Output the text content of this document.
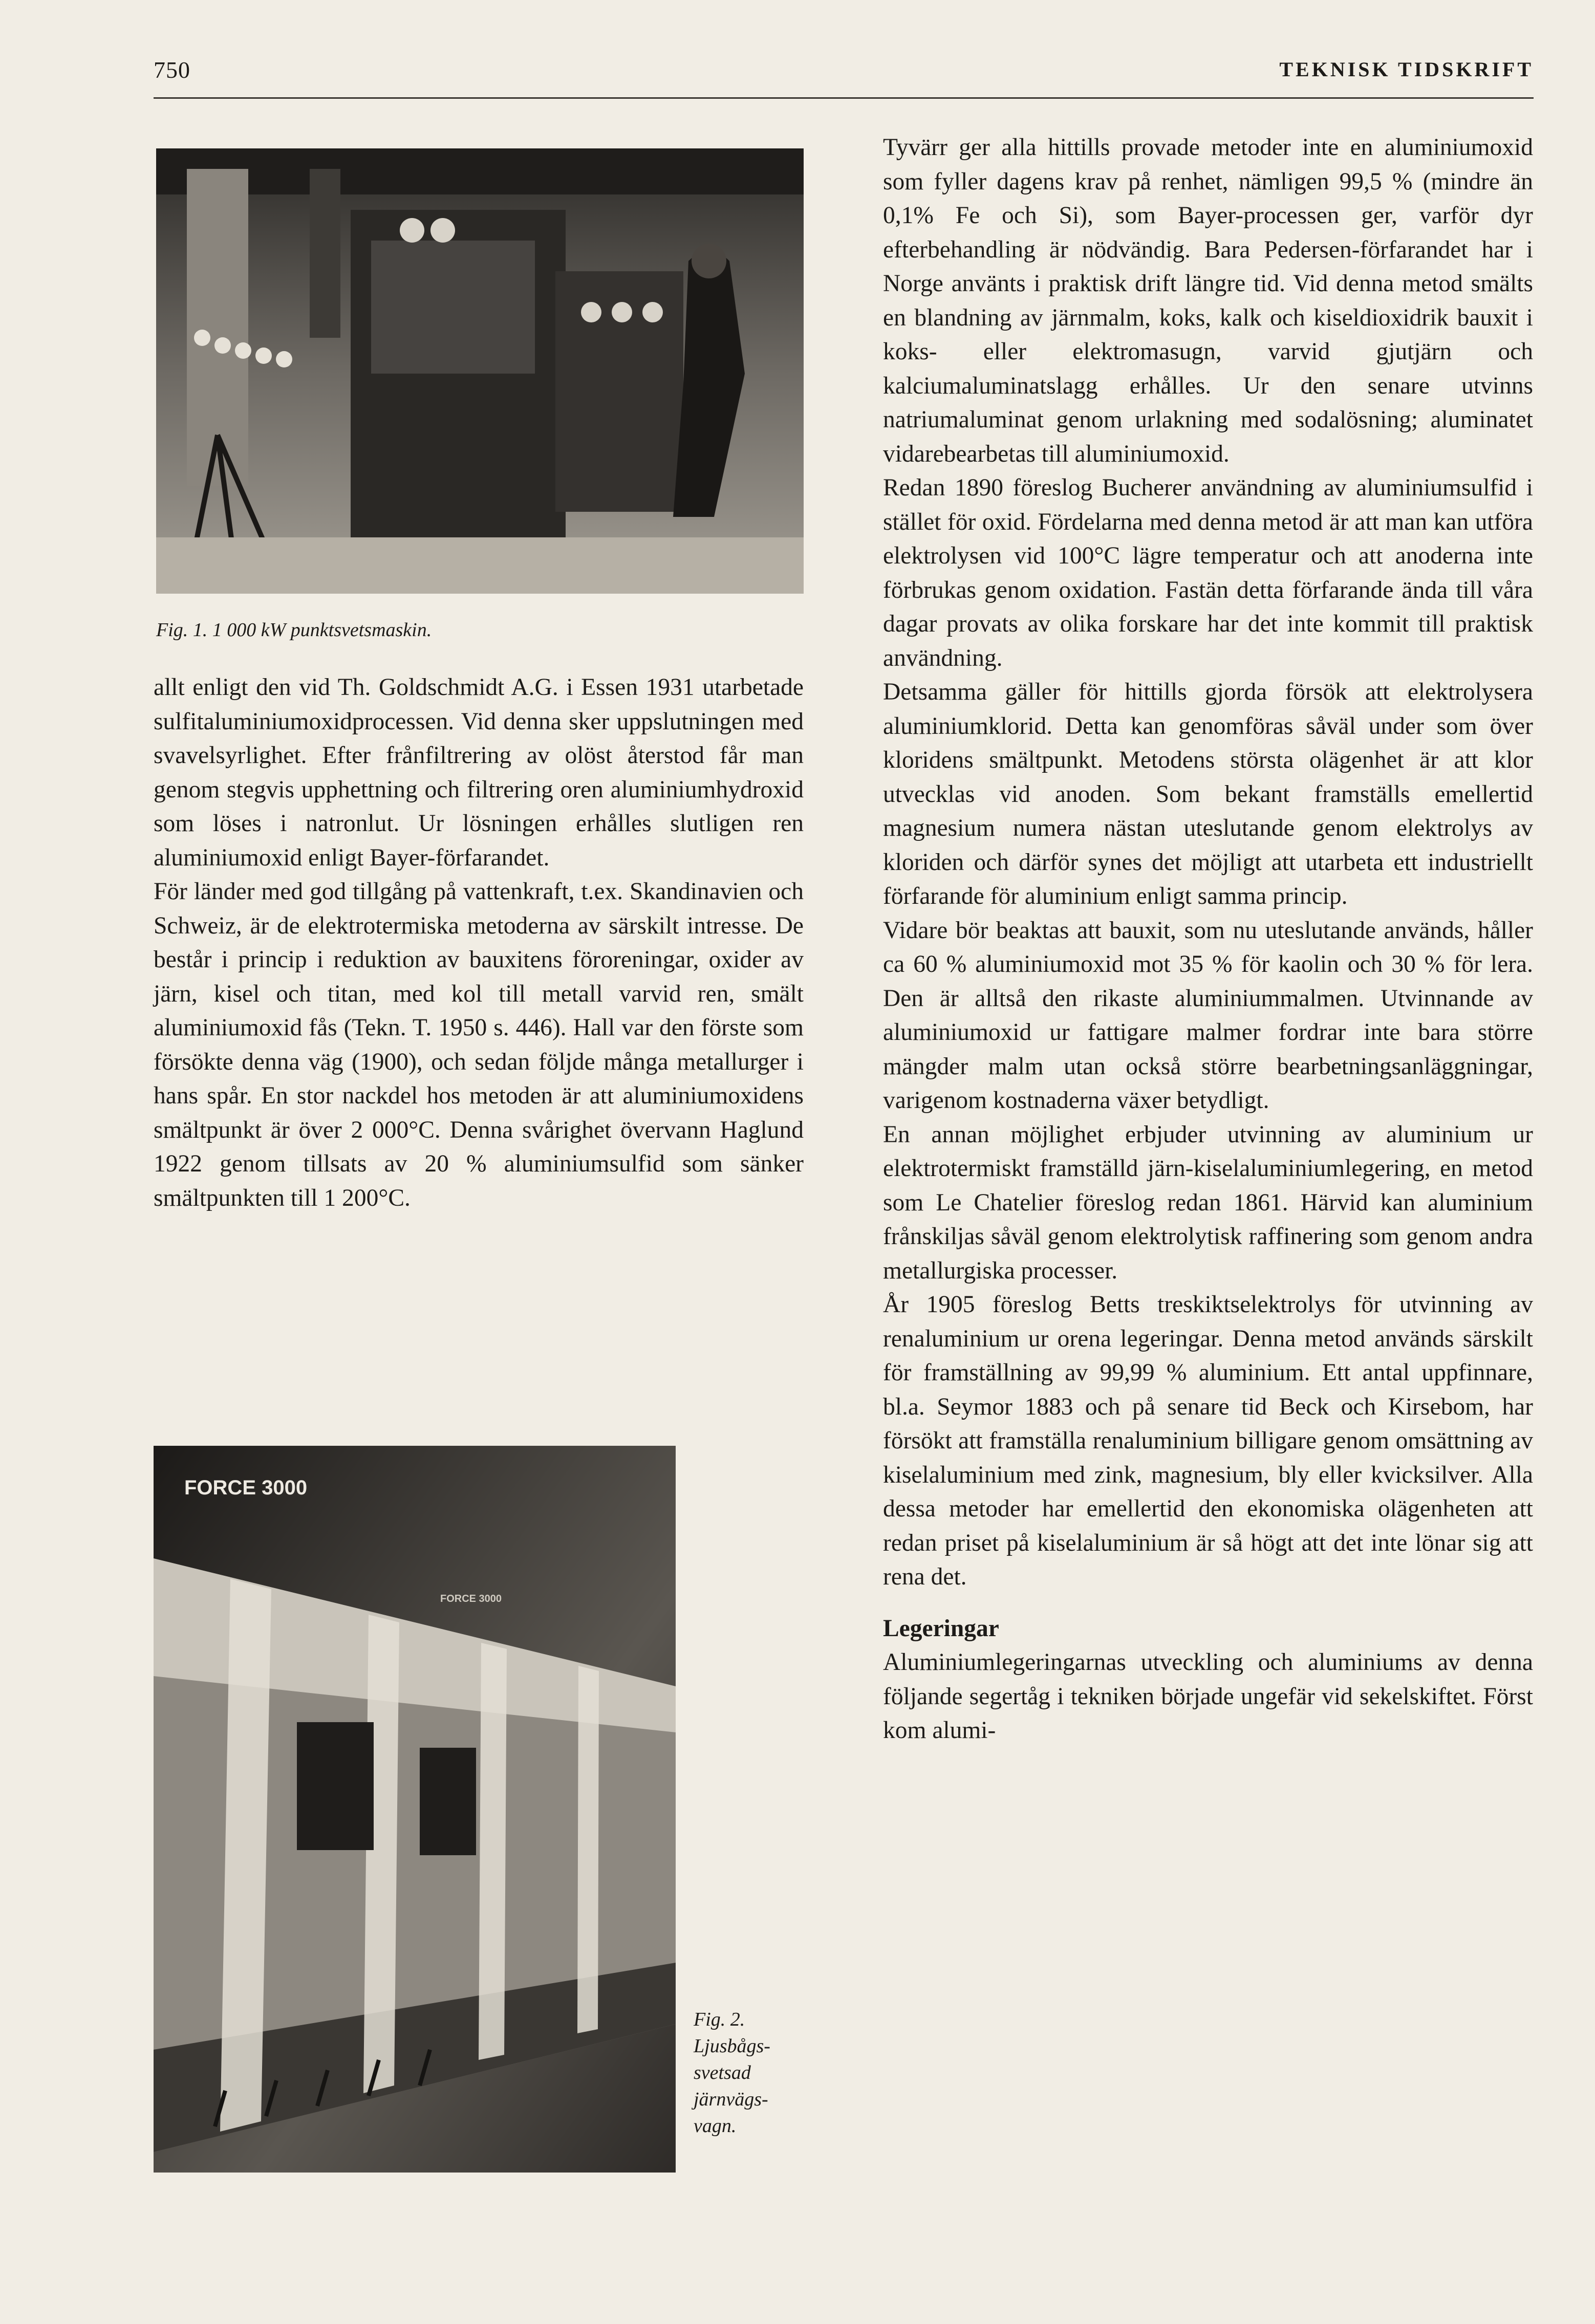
750	TEKNISK TIDSKRIFT
Fig. 1. 1 000 kW punktsvetsmaskin.

allt enligt den vid Th. Goldschmidt A.G. i Essen 1931 utarbetade sulfitaluminiumoxidprocessen. Vid denna sker uppslutningen med svavelsyrlighet. Efter frånfiltrering av olöst återstod får man genom stegvis upphettning och filtrering oren aluminiumhydroxid som löses i natronlut. Ur lösningen erhålles slutligen ren aluminiumoxid enligt Bayer-förfarandet.

För länder med god tillgång på vattenkraft, t.ex. Skandinavien och Schweiz, är de elektrotermiska metoderna av särskilt intresse. De består i princip i reduktion av bauxitens föroreningar, oxider av järn, kisel och titan, med kol till metall varvid ren, smält aluminiumoxid fås (Tekn. T. 1950 s. 446). Hall var den förste som försökte denna väg (1900), och sedan följde många metallurger i hans spår. En stor nackdel hos metoden är att aluminiumoxidens smältpunkt är över 2 000°C. Denna svårighet övervann Haglund 1922 genom tillsats av 20 % aluminiumsulfid som sänker smältpunkten till 1 200°C.

FORCE 3000
FORCE 3000
Fig. 2.
Ljusbågs-
svetsad
järnvägs-
vagn.

Tyvärr ger alla hittills provade metoder inte en aluminiumoxid som fyller dagens krav på renhet, nämligen 99,5 % (mindre än 0,1% Fe och Si), som Bayer-processen ger, varför dyr efterbehandling är nödvändig. Bara Pedersen-förfarandet har i Norge använts i praktisk drift längre tid. Vid denna metod smälts en blandning av järnmalm, koks, kalk och kiseldioxidrik bauxit i koks- eller elektromasugn, varvid gjutjärn och kalciumaluminatslagg erhålles. Ur den senare utvinns natriumaluminat genom urlakning med sodalösning; aluminatet vidarebearbetas till aluminiumoxid.

Redan 1890 föreslog Bucherer användning av aluminiumsulfid i stället för oxid. Fördelarna med denna metod är att man kan utföra elektrolysen vid 100°C lägre temperatur och att anoderna inte förbrukas genom oxidation. Fastän detta förfarande ända till våra dagar provats av olika forskare har det inte kommit till praktisk användning.

Detsamma gäller för hittills gjorda försök att elektrolysera aluminiumklorid. Detta kan genomföras såväl under som över kloridens smältpunkt. Metodens största olägenhet är att klor utvecklas vid anoden. Som bekant framställs emellertid magnesium numera nästan uteslutande genom elektrolys av kloriden och därför synes det möjligt att utarbeta ett industriellt förfarande för aluminium enligt samma princip.

Vidare bör beaktas att bauxit, som nu uteslutande används, håller ca 60 % aluminiumoxid mot 35 % för kaolin och 30 % för lera. Den är alltså den rikaste aluminiummalmen. Utvinnande av aluminiumoxid ur fattigare malmer fordrar inte bara större mängder malm utan också större bearbetningsanläggningar, varigenom kostnaderna växer betydligt.

En annan möjlighet erbjuder utvinning av aluminium ur elektrotermiskt framställd järn-kiselaluminiumlegering, en metod som Le Chatelier föreslog redan 1861. Härvid kan aluminium frånskiljas såväl genom elektrolytisk raffinering som genom andra metallurgiska processer.

År 1905 föreslog Betts treskiktselektrolys för utvinning av renaluminium ur orena legeringar. Denna metod används särskilt för framställning av 99,99 % aluminium. Ett antal uppfinnare, bl.a. Seymor 1883 och på senare tid Beck och Kirsebom, har försökt att framställa renaluminium billigare genom omsättning av kiselaluminium med zink, magnesium, bly eller kvicksilver. Alla dessa metoder har emellertid den ekonomiska olägenheten att redan priset på kiselaluminium är så högt att det inte lönar sig att rena det.

Legeringar

Aluminiumlegeringarnas utveckling och aluminiums av denna följande segertåg i tekniken började ungefär vid sekelskiftet. Först kom alumi-
